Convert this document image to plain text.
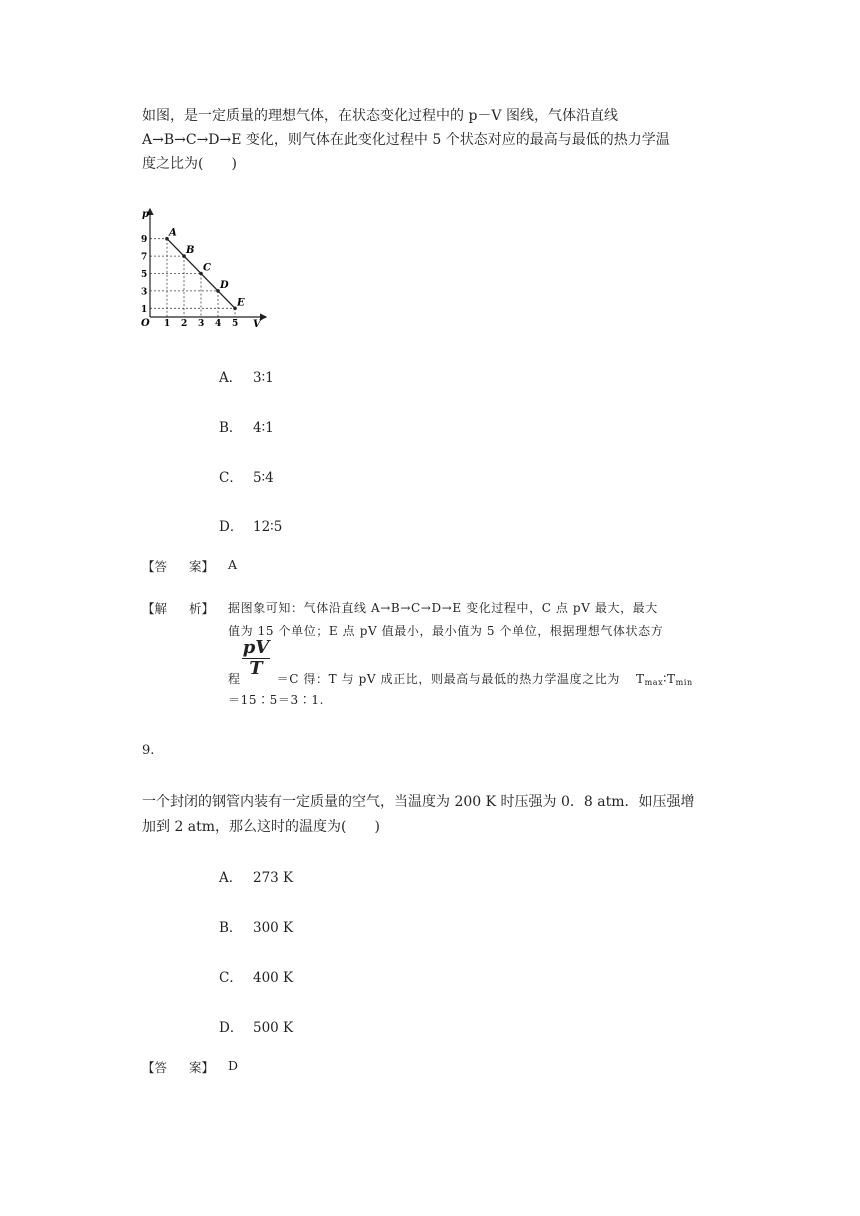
如图，是一定质量的理想气体，在状态变化过程中的 p－V 图线，气体沿直线
A→B→C→D→E 变化，则气体在此变化过程中 5 个状态对应的最高与最低的热力学温
度之比为(　　)
p
V
O
9
7
5
3
1
1 2 3 4 5
A
B
C
D
E
A． 3∶1
B． 4∶1
C． 5∶4
D． 12∶5
【答 案】 A
【解 析】 据图象可知：气体沿直线 A→B→C→D→E 变化过程中，C 点 pV 最大，最大
值为 15 个单位；E 点 pV 值最小，最小值为 5 个单位，根据理想气体状态方
程	＝C 得：T 与 pV 成正比，则最高与最低的热力学温度之比为 $T_{max}∶T_{min}$
pV
T
＝15∶5＝3∶1.
9.
一个封闭的钢管内装有一定质量的空气，当温度为 200 K 时压强为 0．8 atm．如压强增
加到 2 atm，那么这时的温度为(　　)
A． 273 K
B． 300 K
C． 400 K
D． 500 K
【答 案】 D
